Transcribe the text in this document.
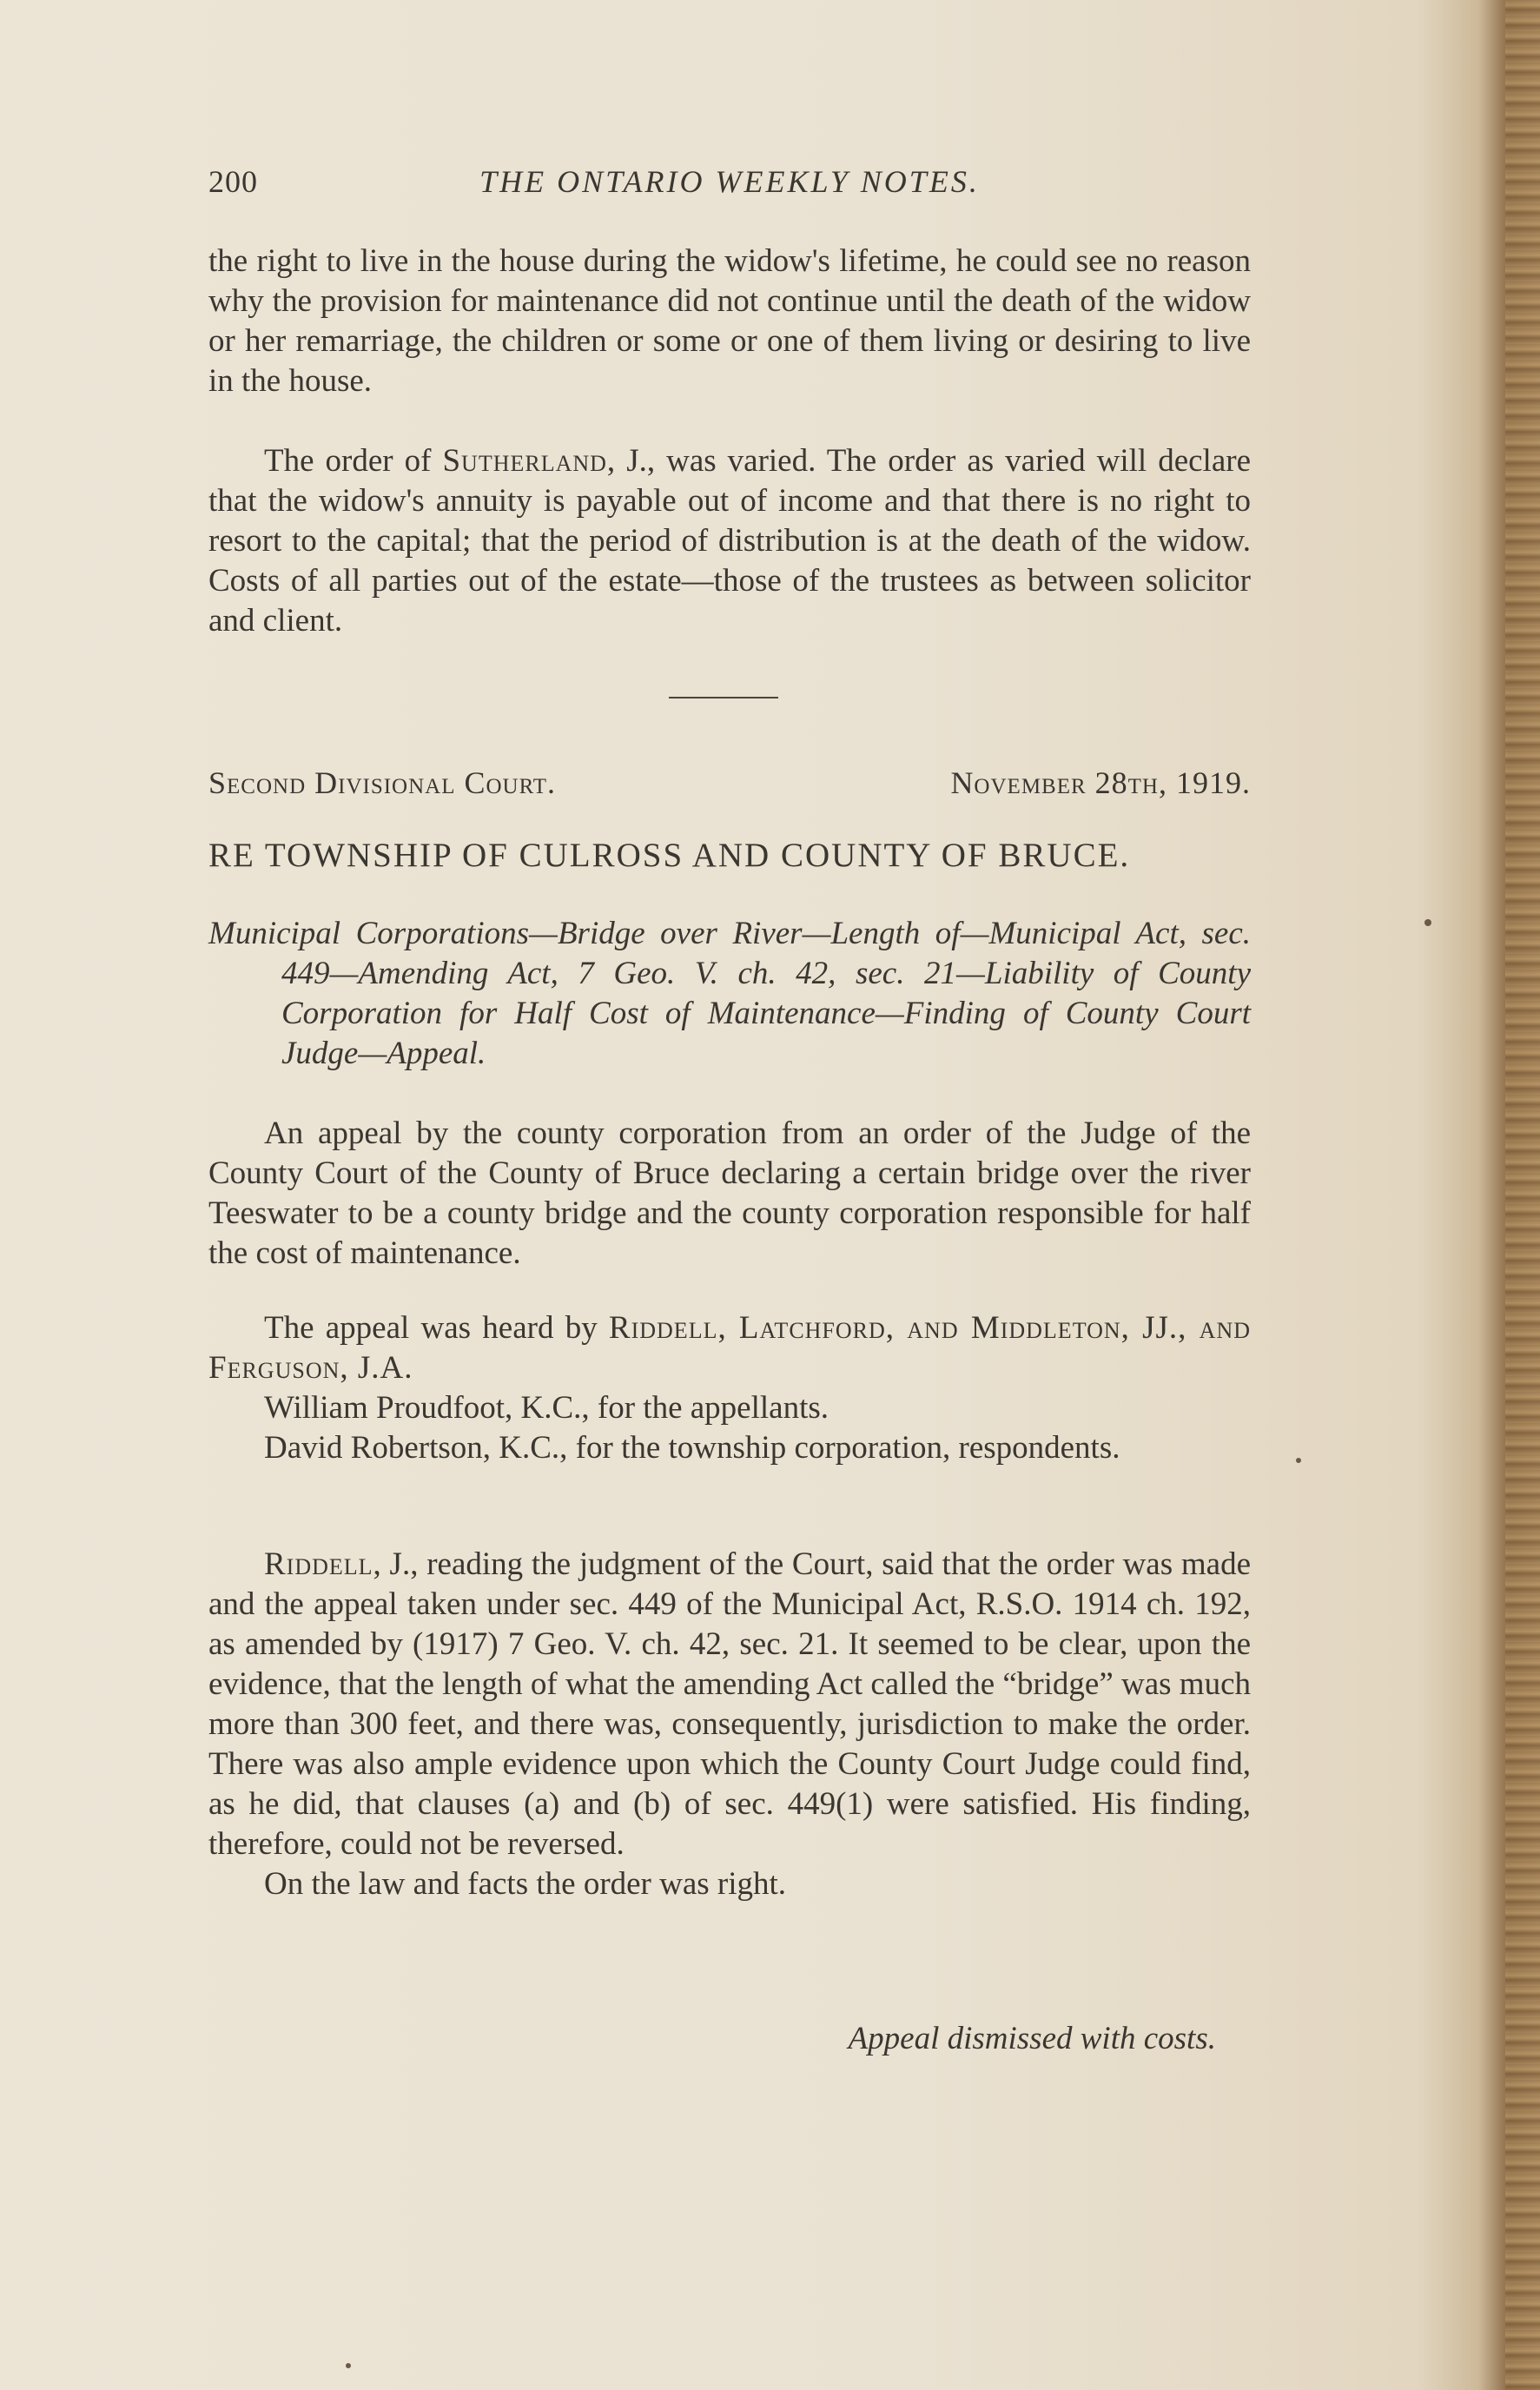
200	THE ONTARIO WEEKLY NOTES.

the right to live in the house during the widow's lifetime, he could see no reason why the provision for maintenance did not continue until the death of the widow or her remarriage, the children or some or one of them living or desiring to live in the house.

The order of Sutherland, J., was varied. The order as varied will declare that the widow's annuity is payable out of income and that there is no right to resort to the capital; that the period of distribution is at the death of the widow. Costs of all parties out of the estate—those of the trustees as between solicitor and client.

Second Divisional Court.	November 28th, 1919.
RE TOWNSHIP OF CULROSS AND COUNTY OF BRUCE.

Municipal Corporations—Bridge over River—Length of—Municipal Act, sec. 449—Amending Act, 7 Geo. V. ch. 42, sec. 21—Liability of County Corporation for Half Cost of Maintenance—Finding of County Court Judge—Appeal.

An appeal by the county corporation from an order of the Judge of the County Court of the County of Bruce declaring a certain bridge over the river Teeswater to be a county bridge and the county corporation responsible for half the cost of maintenance.

The appeal was heard by Riddell, Latchford, and Middleton, JJ., and Ferguson, J.A.

William Proudfoot, K.C., for the appellants.

David Robertson, K.C., for the township corporation, respondents.

Riddell, J., reading the judgment of the Court, said that the order was made and the appeal taken under sec. 449 of the Municipal Act, R.S.O. 1914 ch. 192, as amended by (1917) 7 Geo. V. ch. 42, sec. 21. It seemed to be clear, upon the evidence, that the length of what the amending Act called the “bridge” was much more than 300 feet, and there was, consequently, jurisdiction to make the order. There was also ample evidence upon which the County Court Judge could find, as he did, that clauses (a) and (b) of sec. 449(1) were satisfied. His finding, therefore, could not be reversed.

On the law and facts the order was right.

Appeal dismissed with costs.
